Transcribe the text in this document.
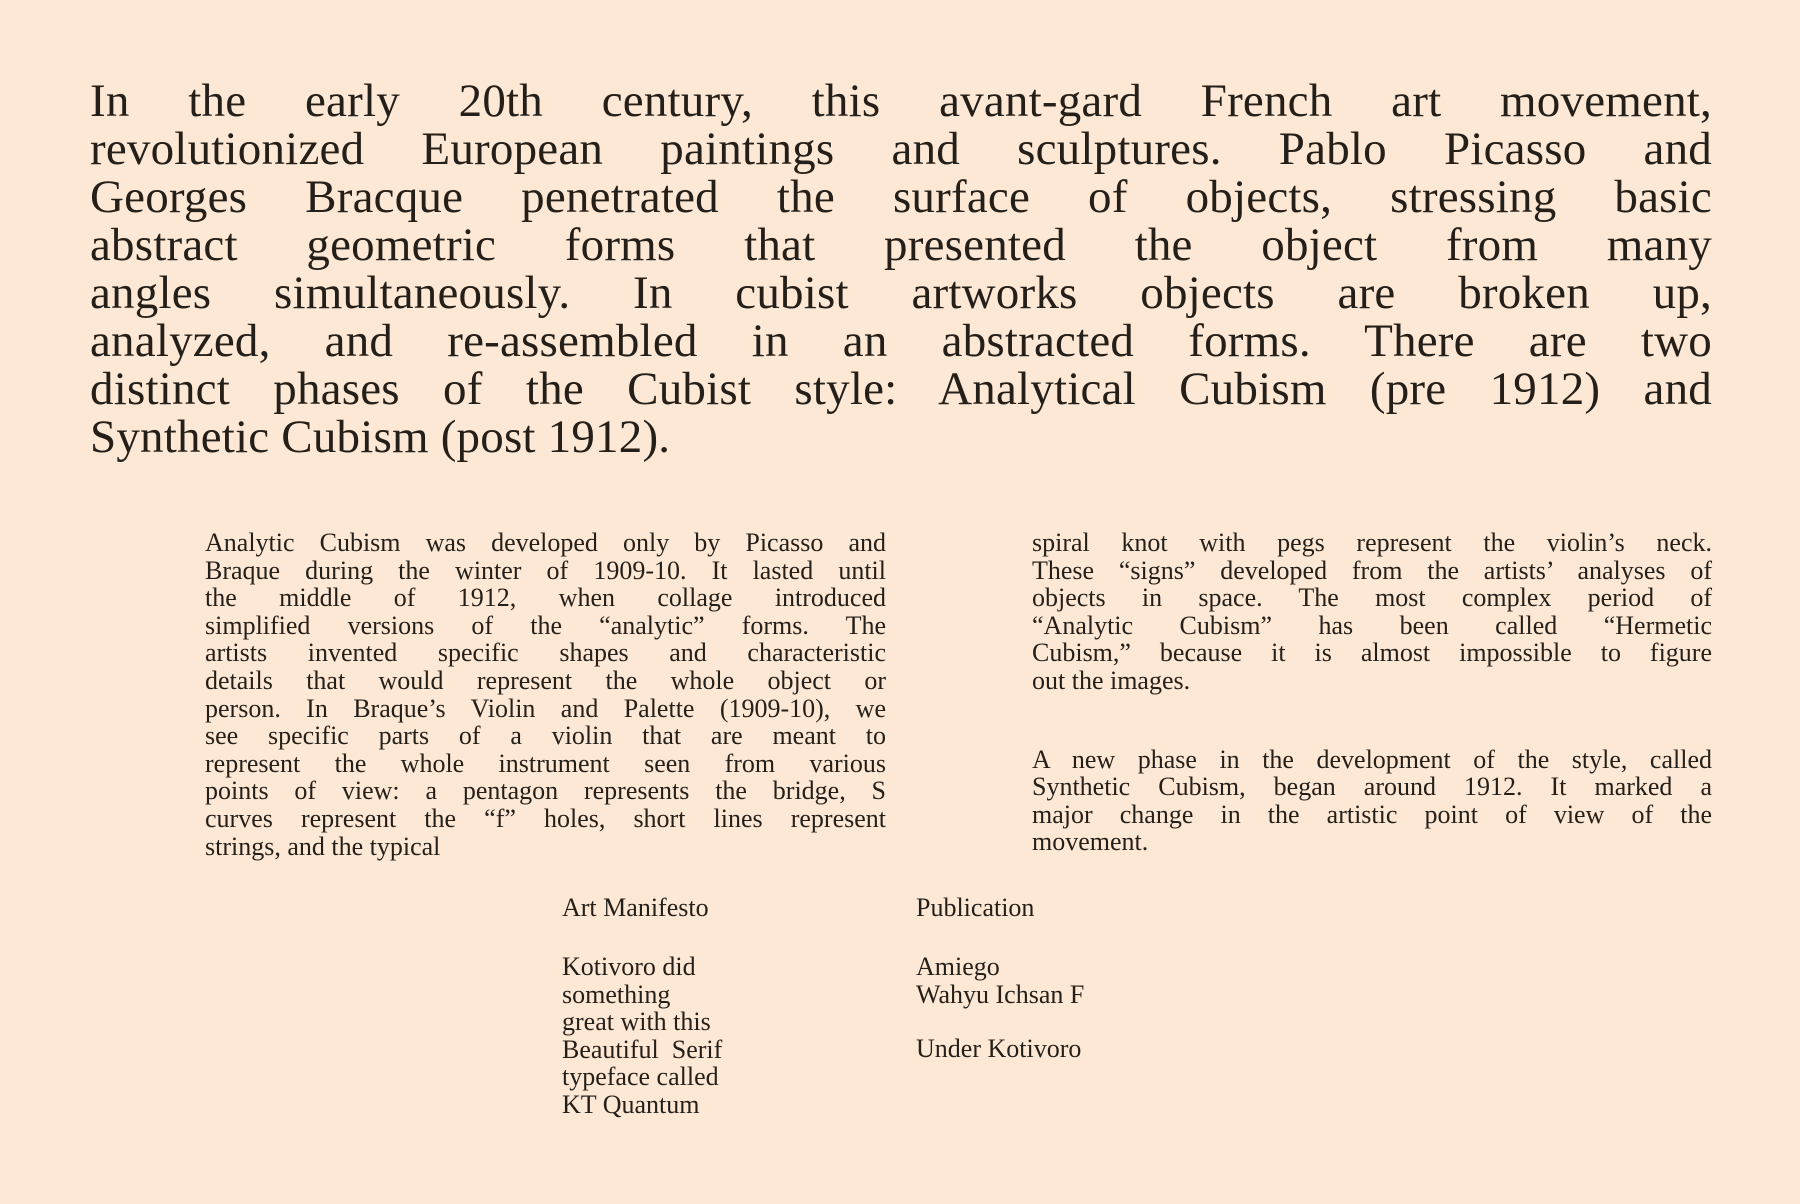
In the early 20th century, this avant-gard French art movement,
revolutionized European paintings and sculptures. Pablo Picasso and
Georges Bracque penetrated the surface of objects, stressing basic
abstract geometric forms that presented the object from many
angles simultaneously. In cubist artworks objects are broken up,
analyzed, and re-assembled in an abstracted forms. There are two
distinct phases of the Cubist style: Analytical Cubism (pre 1912) and
Synthetic Cubism (post 1912).
Analytic Cubism was developed only by Picasso and
Braque during the winter of 1909-10. It lasted until
the middle of 1912, when collage introduced
simplified versions of the “analytic” forms. The
artists invented specific shapes and characteristic
details that would represent the whole object or
person. In Braque’s Violin and Palette (1909-10), we
see specific parts of a violin that are meant to
represent the whole instrument seen from various
points of view: a pentagon represents the bridge, S
curves represent the “f” holes, short lines represent
strings, and the typical
spiral knot with pegs represent the violin’s neck.
These “signs” developed from the artists’ analyses of
objects in space. The most complex period of
“Analytic Cubism” has been called “Hermetic
Cubism,” because it is almost impossible to figure
out the images.
A new phase in the development of the style, called
Synthetic Cubism, began around 1912. It marked a
major change in the artistic point of view of the
movement.
Art Manifesto	Publication
Kotivoro did
something
great with this
Beautiful  Serif
typeface called
KT Quantum
Amiego
Wahyu Ichsan F
Under Kotivoro
